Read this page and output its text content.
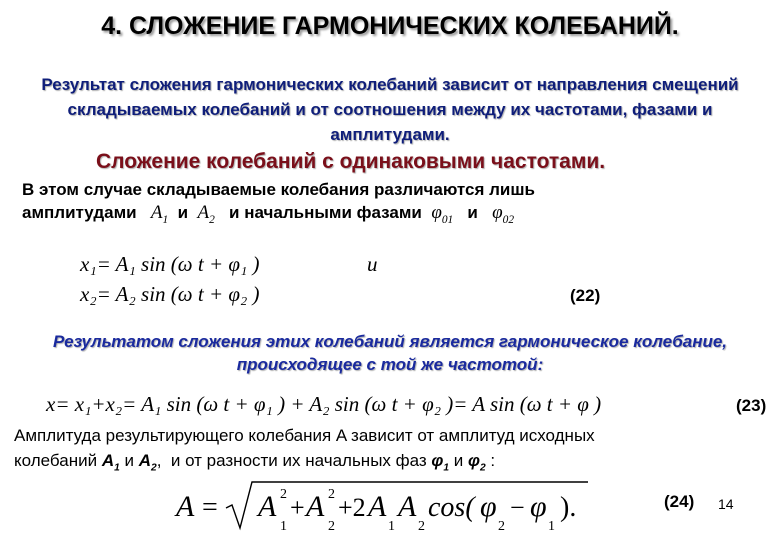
4. СЛОЖЕНИЕ ГАРМОНИЧЕСКИХ КОЛЕБАНИЙ.
Результат сложения гармонических колебаний зависит от направления смещений складываемых колебаний и от соотношения между их частотами, фазами и амплитудами.
Сложение колебаний с одинаковыми частотами.
В этом случае складываемые колебания различаются лишь
амплитудами   $A_1$ и  $A_2$ и начальными фазами  $\varphi_{01}$ и   $\varphi_{02}$
x₁= A₁ sin (ω t + φ₁ )
x₂= A₂ sin (ω t + φ₂ )
и
(22)
Результатом сложения этих колебаний является гармоническое колебание, происходящее с той же частотой:
x= x₁+x₂= A₁ sin (ω t + φ₁ ) + A₂ sin (ω t + φ₂ )= A sin (ω t + φ )	(23)
Амплитуда результирующего колебания A зависит от амплитуд исходных
колебаний $A_1$ и $A_2$,  и от разности их начальных фаз $\varphi_1$ и $\varphi_2$ :
A = A 2
1
+ A 2
2
+2 A
1
A
2
cos( φ
2
− φ
1
).	(24) 14
